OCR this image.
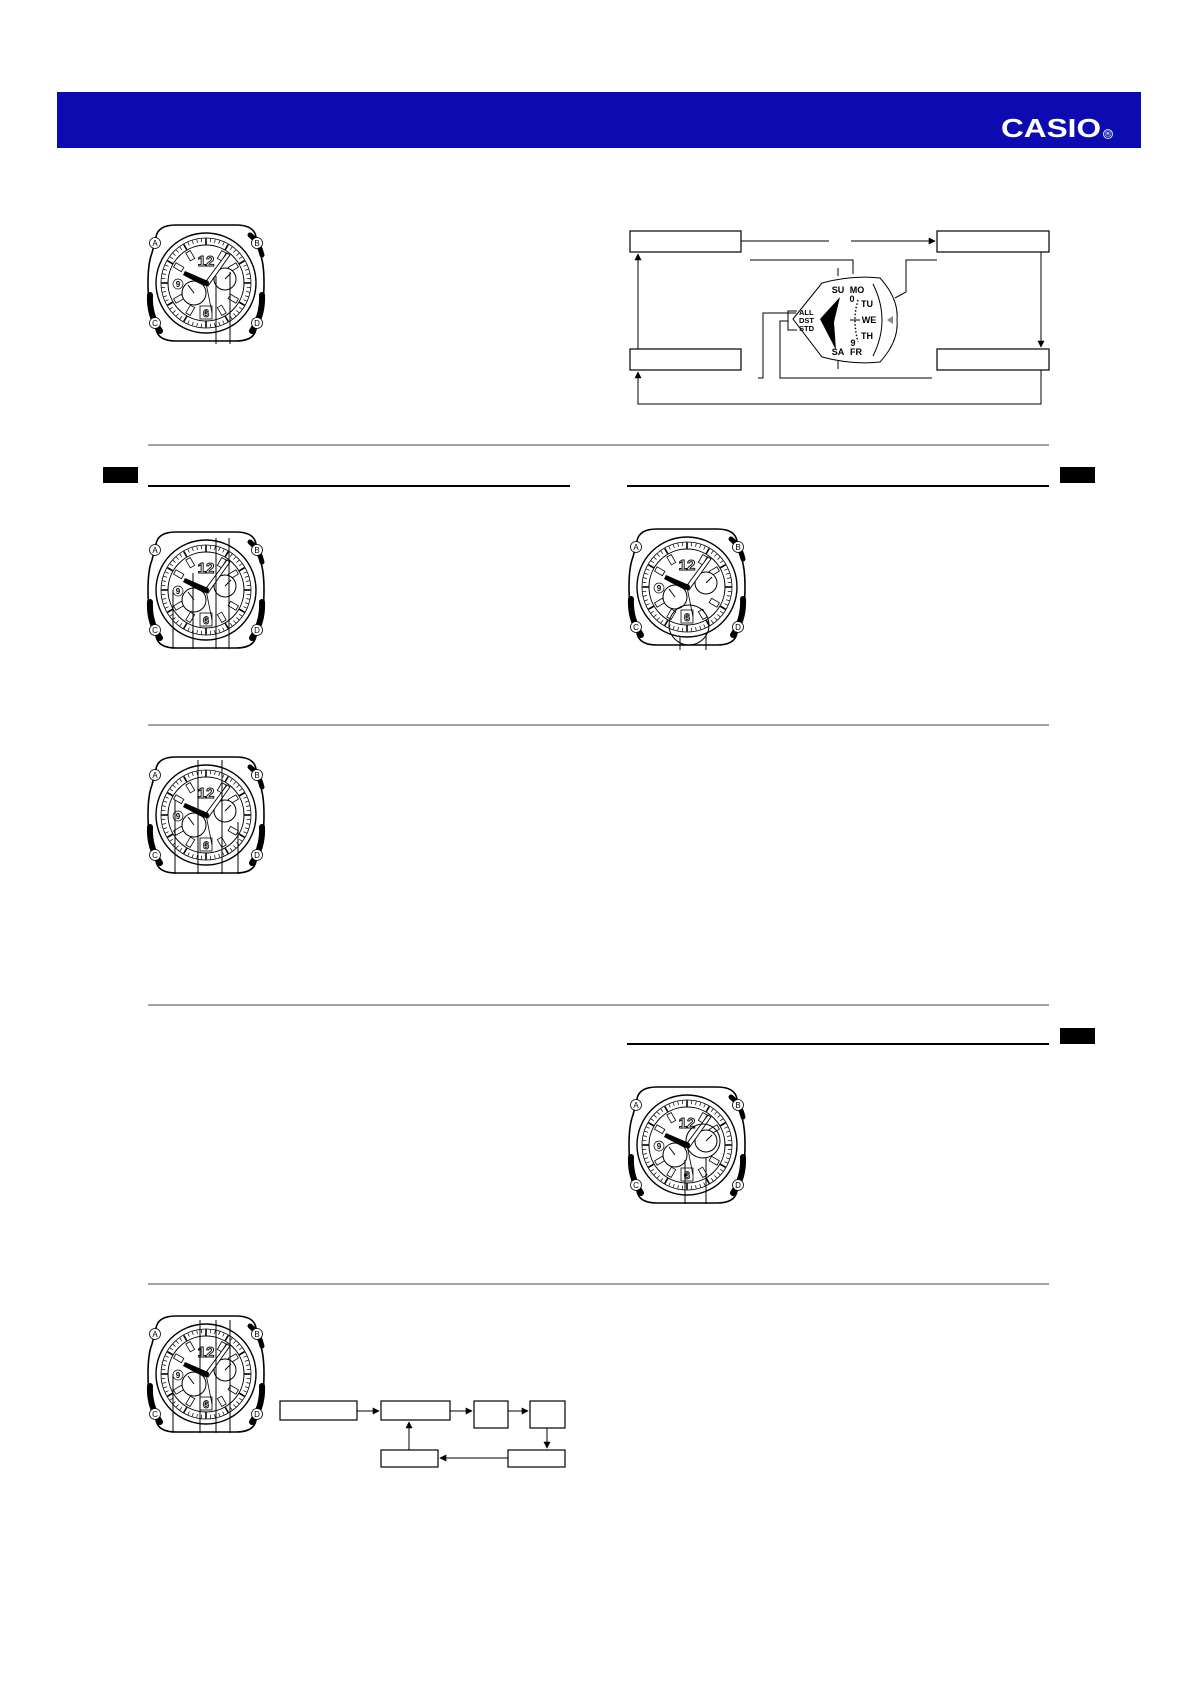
CASIO ®
12
6
9
A	B
C	D
12
6
9
A	B
C	D
12
6
9
A	B
C	D
12
6
9
A	B
C	D
12
6
9
A	B
C	D
12
6
9
A	B
C	D
SU MO
0 TU
WE
TH
9
SA FR
ALL
DST
STD
